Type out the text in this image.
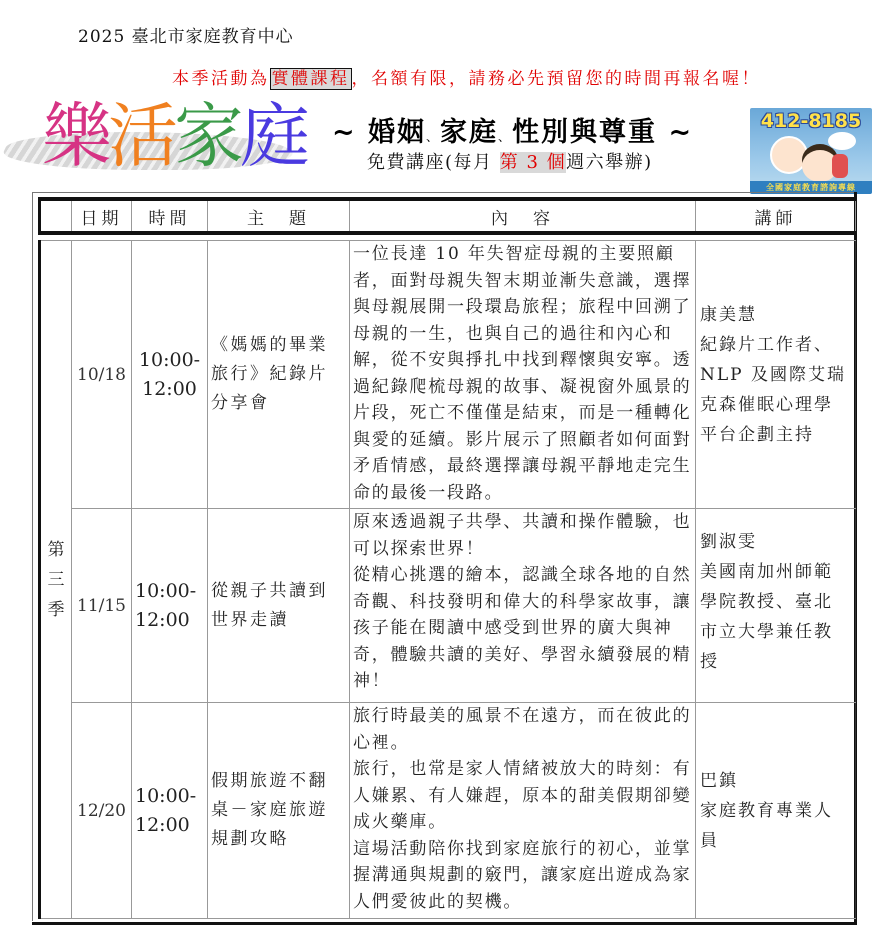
2025 臺北市家庭教育中心
本季活動為 實體課程 ，名額有限，請務必先預留您的時間再報名喔！
樂活家庭 ~ 婚姻、家庭、性別與尊重 ~
免費講座(每月 第 3 個週六舉辦)
412-8185
全國家庭教育諮詢專線
	日期	時間	主　題	內　容	講師

第三季	10/18	10:00-
12:00	《媽媽的畢業旅行》紀錄片分享會	一位長達 10 年失智症母親的主要照顧者，面對母親失智末期並漸失意識，選擇與母親展開一段環島旅程；旅程中回溯了母親的一生，也與自己的過往和內心和解，從不安與掙扎中找到釋懷與安寧。透過紀錄爬梳母親的故事、凝視窗外風景的片段，死亡不僅僅是結束，而是一種轉化與愛的延續。影片展示了照顧者如何面對矛盾情感，最終選擇讓母親平靜地走完生命的最後一段路。	康美慧
紀錄片工作者、NLP 及國際艾瑞克森催眠心理學平台企劃主持
	11/15	10:00-
12:00	從親子共讀到世界走讀	原來透過親子共學、共讀和操作體驗，也可以探索世界！
從精心挑選的繪本，認識全球各地的自然奇觀、科技發明和偉大的科學家故事，讓孩子能在閱讀中感受到世界的廣大與神奇，體驗共讀的美好、學習永續發展的精神！	劉淑雯
美國南加州師範學院教授、臺北市立大學兼任教授
	12/20	10:00-
12:00	假期旅遊不翻桌－家庭旅遊規劃攻略	旅行時最美的風景不在遠方，而在彼此的心裡。
旅行，也常是家人情緒被放大的時刻：有人嫌累、有人嫌趕，原本的甜美假期卻變成火藥庫。
這場活動陪你找到家庭旅行的初心，並掌握溝通與規劃的竅門，讓家庭出遊成為家人們愛彼此的契機。	巴鎮
家庭教育專業人員
